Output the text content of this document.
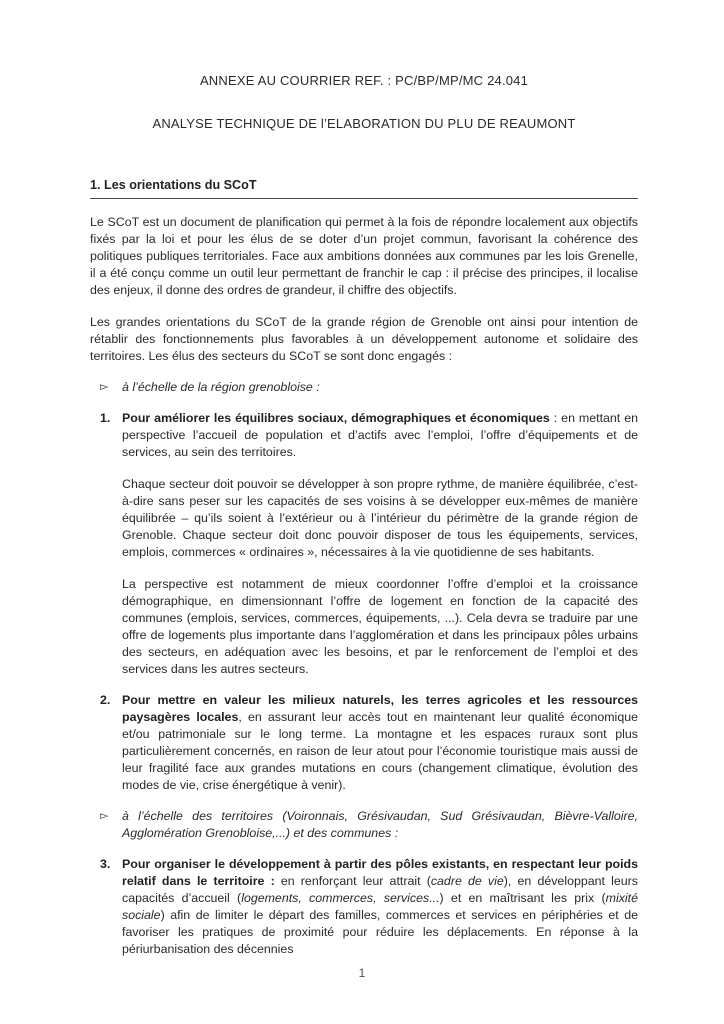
ANNEXE AU COURRIER REF. : PC/BP/MP/MC 24.041
ANALYSE TECHNIQUE DE l’ELABORATION DU PLU DE REAUMONT
1. Les orientations du SCoT

Le SCoT est un document de planification qui permet à la fois de répondre localement aux objectifs fixés par la loi et pour les élus de se doter d’un projet commun, favorisant la cohérence des politiques publiques territoriales. Face aux ambitions données aux communes par les lois Grenelle, il a été conçu comme un outil leur permettant de franchir le cap : il précise des principes, il localise des enjeux, il donne des ordres de grandeur, il chiffre des objectifs.

Les grandes orientations du SCoT de la grande région de Grenoble ont ainsi pour intention de rétablir des fonctionnements plus favorables à un développement autonome et solidaire des territoires. Les élus des secteurs du SCoT se sont donc engagés :

▻	à l’échelle de la région grenobloise :
1. Pour améliorer les équilibres sociaux, démographiques et économiques : en mettant en perspective l’accueil de population et d’actifs avec l’emploi, l’offre d’équipements et de services, au sein des territoires.

Chaque secteur doit pouvoir se développer à son propre rythme, de manière équilibrée, c’est-à-dire sans peser sur les capacités de ses voisins à se développer eux-mêmes de manière équilibrée – qu’ils soient à l’extérieur ou à l’intérieur du périmètre de la grande région de Grenoble. Chaque secteur doit donc pouvoir disposer de tous les équipements, services, emplois, commerces « ordinaires », nécessaires à la vie quotidienne de ses habitants.

La perspective est notamment de mieux coordonner l’offre d’emploi et la croissance démographique, en dimensionnant l’offre de logement en fonction de la capacité des communes (emplois, services, commerces, équipements, ...). Cela devra se traduire par une offre de logements plus importante dans l’agglomération et dans les principaux pôles urbains des secteurs, en adéquation avec les besoins, et par le renforcement de l’emploi et des services dans les autres secteurs.

2. Pour mettre en valeur les milieux naturels, les terres agricoles et les ressources paysagères locales, en assurant leur accès tout en maintenant leur qualité économique et/ou patrimoniale sur le long terme. La montagne et les espaces ruraux sont plus particulièrement concernés, en raison de leur atout pour l’économie touristique mais aussi de leur fragilité face aux grandes mutations en cours (changement climatique, évolution des modes de vie, crise énergétique à venir).
▻	à l’échelle des territoires (Voironnais, Grésivaudan, Sud Grésivaudan, Bièvre-Valloire, Agglomération Grenobloise,...) et des communes :
3. Pour organiser le développement à partir des pôles existants, en respectant leur poids relatif dans le territoire : en renforçant leur attrait (cadre de vie), en développant leurs capacités d’accueil (logements, commerces, services...) et en maîtrisant les prix (mixité sociale) afin de limiter le départ des familles, commerces et services en périphéries et de favoriser les pratiques de proximité pour réduire les déplacements. En réponse à la périurbanisation des décennies
1
